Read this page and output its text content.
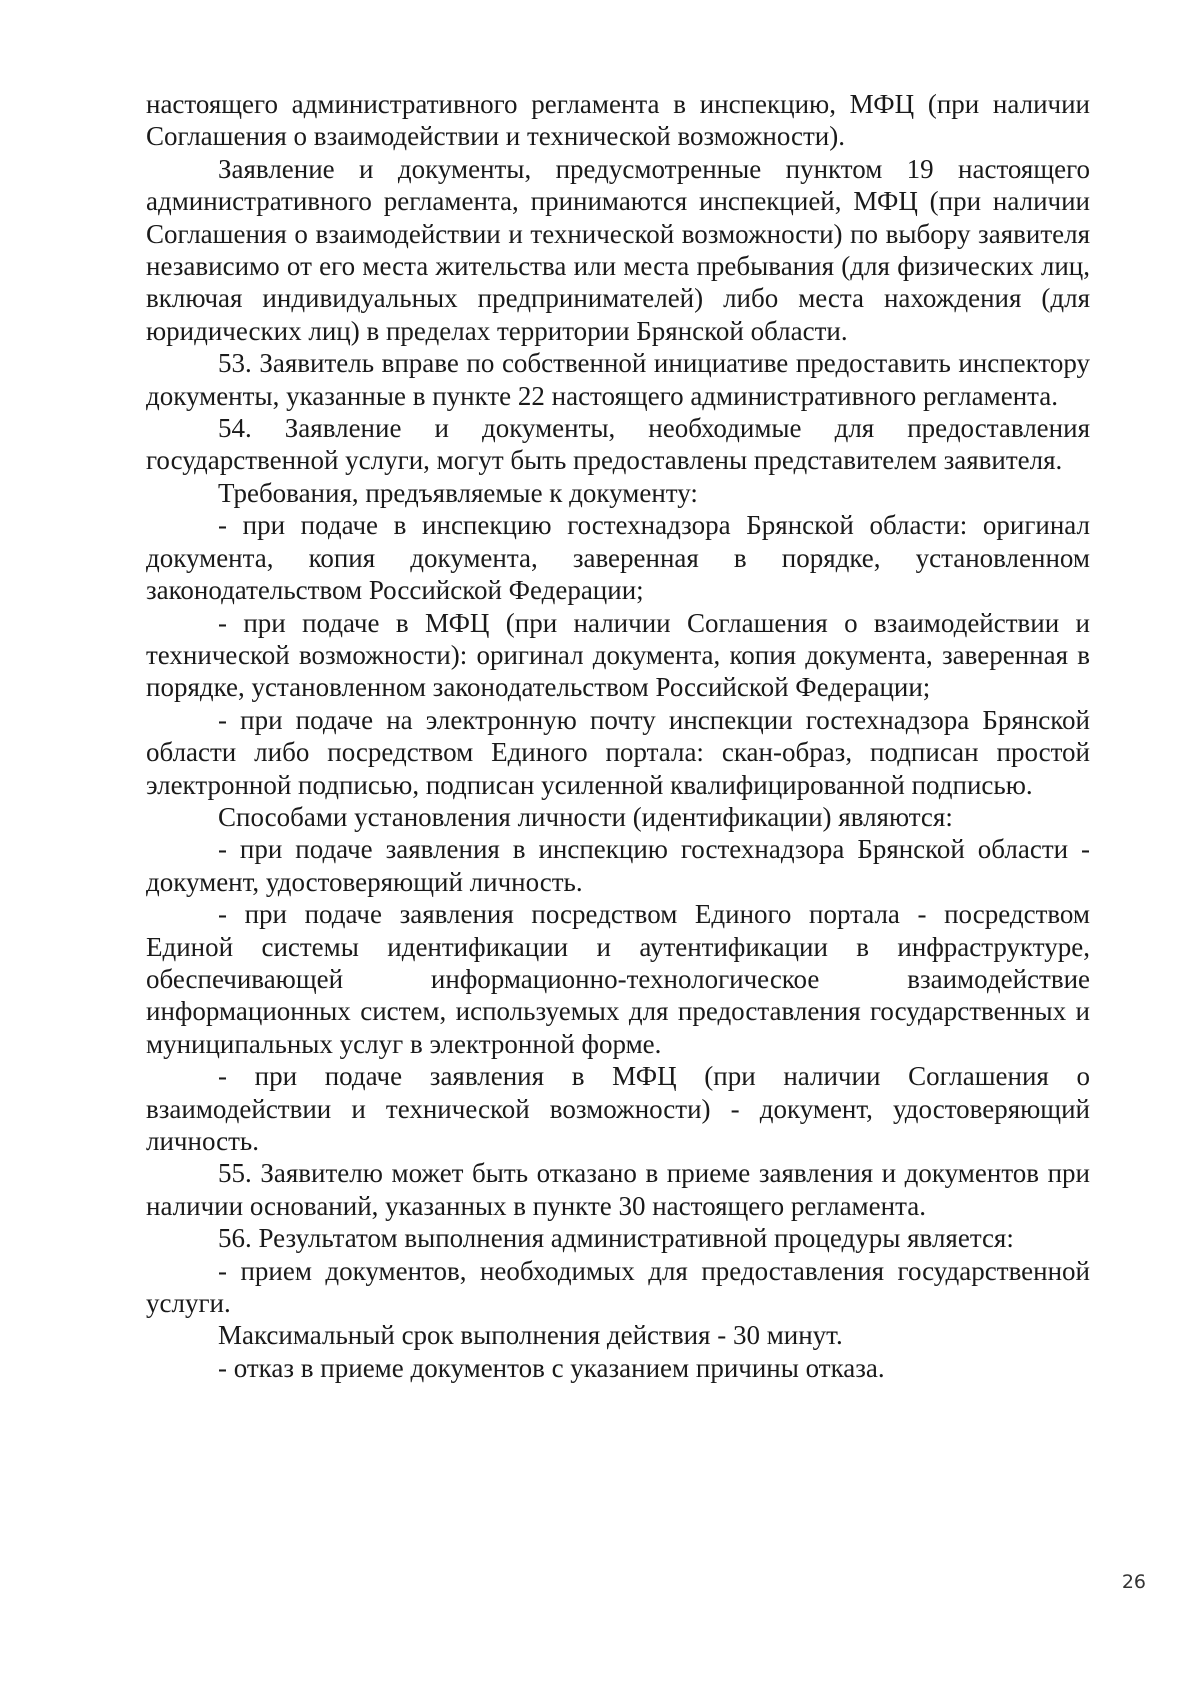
настоящего административного регламента в инспекцию, МФЦ (при наличии Соглашения о взаимодействии и технической возможности).

Заявление и документы, предусмотренные пунктом 19 настоящего административного регламента, принимаются инспекцией, МФЦ (при наличии Соглашения о взаимодействии и технической возможности) по выбору заявителя независимо от его места жительства или места пребывания (для физических лиц, включая индивидуальных предпринимателей) либо места нахождения (для юридических лиц) в пределах территории Брянской области.

53. Заявитель вправе по собственной инициативе предоставить инспектору документы, указанные в пункте 22 настоящего административного регламента.

54. Заявление и документы, необходимые для предоставления государственной услуги, могут быть предоставлены представителем заявителя.

Требования, предъявляемые к документу:

- при подаче в инспекцию гостехнадзора Брянской области: оригинал документа, копия документа, заверенная в порядке, установленном законодательством Российской Федерации;

- при подаче в МФЦ (при наличии Соглашения о взаимодействии и технической возможности): оригинал документа, копия документа, заверенная в порядке, установленном законодательством Российской Федерации;

- при подаче на электронную почту инспекции гостехнадзора Брянской области либо посредством Единого портала: скан-образ, подписан простой электронной подписью, подписан усиленной квалифицированной подписью.

Способами установления личности (идентификации) являются:

- при подаче заявления в инспекцию гостехнадзора Брянской области - документ, удостоверяющий личность.

- при подаче заявления посредством Единого портала - посредством Единой системы идентификации и аутентификации в инфраструктуре, обеспечивающей информационно-технологическое взаимодействие информационных систем, используемых для предоставления государственных и муниципальных услуг в электронной форме.

- при подаче заявления в МФЦ (при наличии Соглашения о взаимодействии и технической возможности) - документ, удостоверяющий личность.

55. Заявителю может быть отказано в приеме заявления и документов при наличии оснований, указанных в пункте 30 настоящего регламента.

56. Результатом выполнения административной процедуры является:

- прием документов, необходимых для предоставления государственной услуги.

Максимальный срок выполнения действия - 30 минут.

- отказ в приеме документов с указанием причины отказа.

26
